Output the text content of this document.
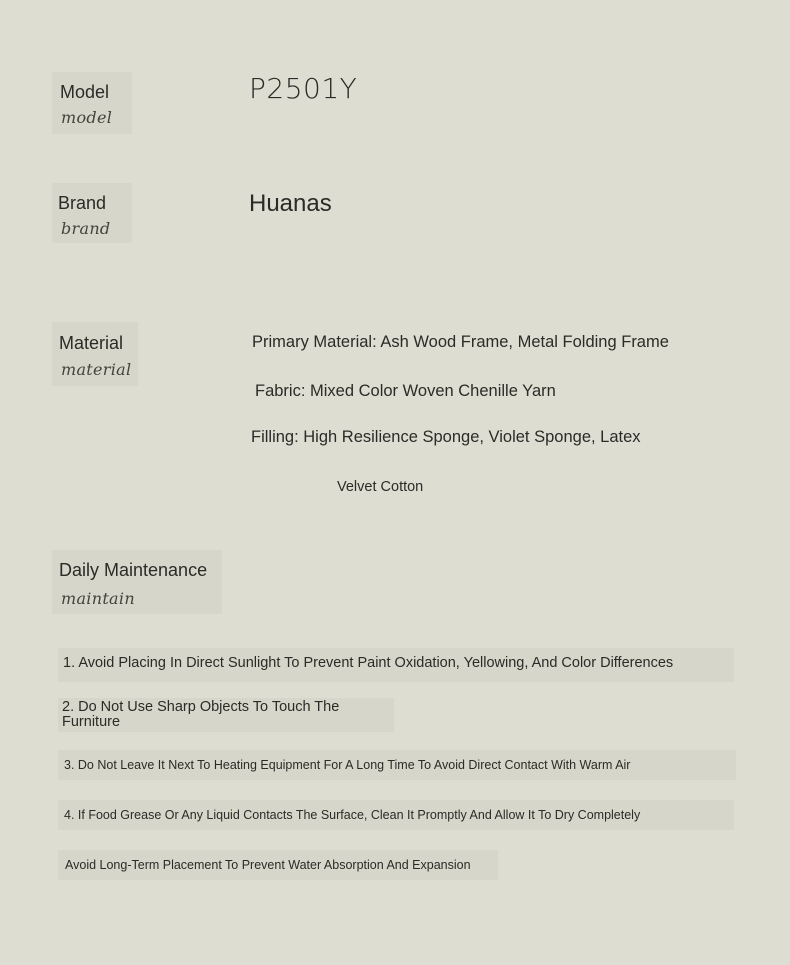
Model
model
P2501Y
Brand
brand
Huanas
Material
material
Primary Material: Ash Wood Frame, Metal Folding Frame
Fabric: Mixed Color Woven Chenille Yarn
Filling: High Resilience Sponge, Violet Sponge, Latex
Velvet Cotton
Daily Maintenance
maintain
1. Avoid Placing In Direct Sunlight To Prevent Paint Oxidation, Yellowing, And Color Differences
2. Do Not Use Sharp Objects To Touch The Furniture
3. Do Not Leave It Next To Heating Equipment For A Long Time To Avoid Direct Contact With Warm Air
4. If Food Grease Or Any Liquid Contacts The Surface, Clean It Promptly And Allow It To Dry Completely
Avoid Long-Term Placement To Prevent Water Absorption And Expansion
